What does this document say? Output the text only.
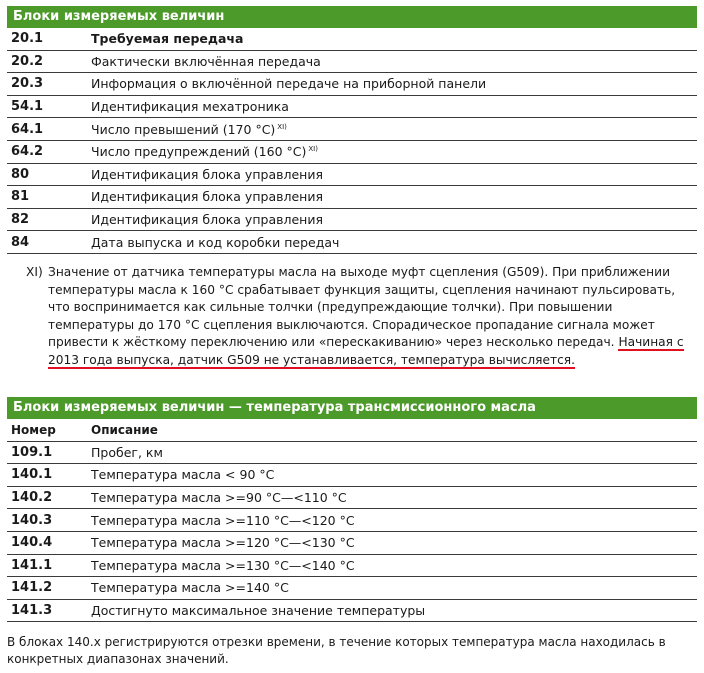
Блоки измеряемых величин
20.1	Требуемая передача
20.2	Фактически включённая передача
20.3	Информация о включённой передаче на приборной панели
54.1	Идентификация мехатроника
64.1	Число превышений (170 °C) $^{XI)}$
64.2	Число предупреждений (160 °C) $^{XI)}$
80	Идентификация блока управления
81	Идентификация блока управления
82	Идентификация блока управления
84	Дата выпуска и код коробки передач
XI) Значение от датчика температуры масла на выходе муфт сцепления (G509). При приближении температуры масла к 160 °C срабатывает функция защиты, сцепления начинают пульсировать, что воспринимается как сильные толчки (предупреждающие толчки). При повышении температуры до 170 °C сцепления выключаются. Спорадическое пропадание сигнала может привести к жёсткому переключению или «перескакиванию» через несколько передач. Начиная с 2013 года выпуска, датчик G509 не устанавливается, температура вычисляется.
Блоки измеряемых величин — температура трансмиссионного масла
Номер	Описание
109.1	Пробег, км
140.1	Температура масла < 90 °C
140.2	Температура масла >=90 °C—<110 °C
140.3	Температура масла >=110 °C—<120 °C
140.4	Температура масла >=120 °C—<130 °C
141.1	Температура масла >=130 °C—<140 °C
141.2	Температура масла >=140 °C
141.3	Достигнуто максимальное значение температуры
В блоках 140.x регистрируются отрезки времени, в течение которых температура масла находилась в конкретных диапазонах значений.
